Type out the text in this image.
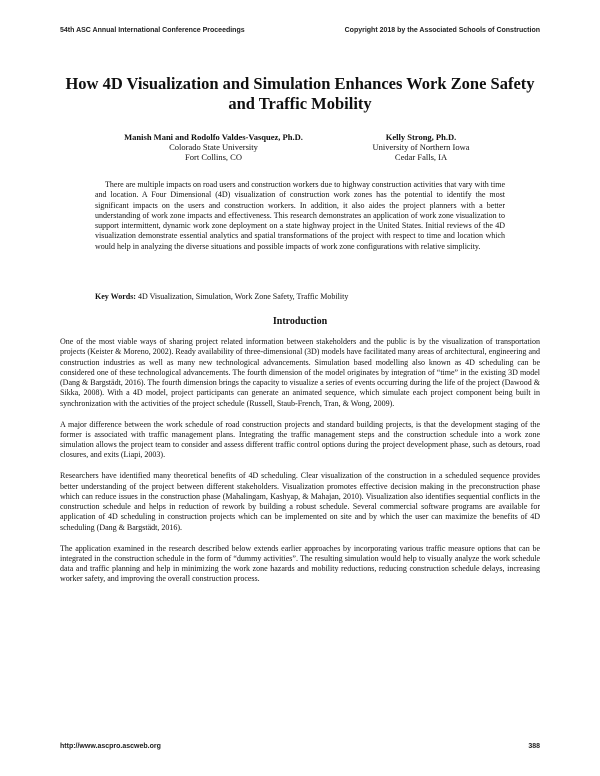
54th ASC Annual International Conference Proceedings	Copyright 2018 by the Associated Schools of Construction
How 4D Visualization and Simulation Enhances Work Zone Safety and Traffic Mobility
Manish Mani and Rodolfo Valdes-Vasquez, Ph.D.
Colorado State University
Fort Collins, CO
Kelly Strong, Ph.D.
University of Northern Iowa
Cedar Falls, IA

There are multiple impacts on road users and construction workers due to highway construction activities that vary with time and location. A Four Dimensional (4D) visualization of construction work zones has the potential to identify the most significant impacts on the users and construction workers. In addition, it also aides the project planners with a better understanding of work zone impacts and effectiveness. This research demonstrates an application of work zone visualization to support intermittent, dynamic work zone deployment on a state highway project in the United States. Initial reviews of the 4D visualization demonstrate essential analytics and spatial transformations of the project with respect to time and location which would help in analyzing the diverse situations and possible impacts of work zone configurations with relative simplicity.

Key Words: 4D Visualization, Simulation, Work Zone Safety, Traffic Mobility

Introduction

One of the most viable ways of sharing project related information between stakeholders and the public is by the visualization of transportation projects (Keister & Moreno, 2002). Ready availability of three-dimensional (3D) models have facilitated many areas of architectural, engineering and construction industries as well as many new technological advancements. Simulation based modelling also known as 4D scheduling can be considered one of these technological advancements. The fourth dimension of the model originates by integration of “time” in the existing 3D model (Dang & Bargstädt, 2016). The fourth dimension brings the capacity to visualize a series of events occurring during the life of the project (Dawood & Sikka, 2008). With a 4D model, project participants can generate an animated sequence, which simulate each project component being built in synchronization with the activities of the project schedule (Russell, Staub-French, Tran, & Wong, 2009).

A major difference between the work schedule of road construction projects and standard building projects, is that the development staging of the former is associated with traffic management plans. Integrating the traffic management steps and the construction schedule into a work zone simulation allows the project team to consider and assess different traffic control options during the project development phase, such as detours, road closures, and exits (Liapi, 2003).

Researchers have identified many theoretical benefits of 4D scheduling. Clear visualization of the construction in a scheduled sequence provides better understanding of the project between different stakeholders. Visualization promotes effective decision making in the preconstruction phase which can reduce issues in the construction phase (Mahalingam, Kashyap, & Mahajan, 2010). Visualization also identifies sequential conflicts in the construction schedule and helps in reduction of rework by building a robust schedule. Several commercial software programs are available for application of 4D scheduling in construction projects which can be implemented on site and by which the user can maximize the benefits of 4D scheduling (Dang & Bargstädt, 2016).

The application examined in the research described below extends earlier approaches by incorporating various traffic measure options that can be integrated in the construction schedule in the form of “dummy activities”. The resulting simulation would help to visually analyze the work schedule data and traffic planning and help in minimizing the work zone hazards and mobility reductions, reducing construction schedule delays, increasing worker safety, and improving the overall construction process.

http://www.ascpro.ascweb.org	388
